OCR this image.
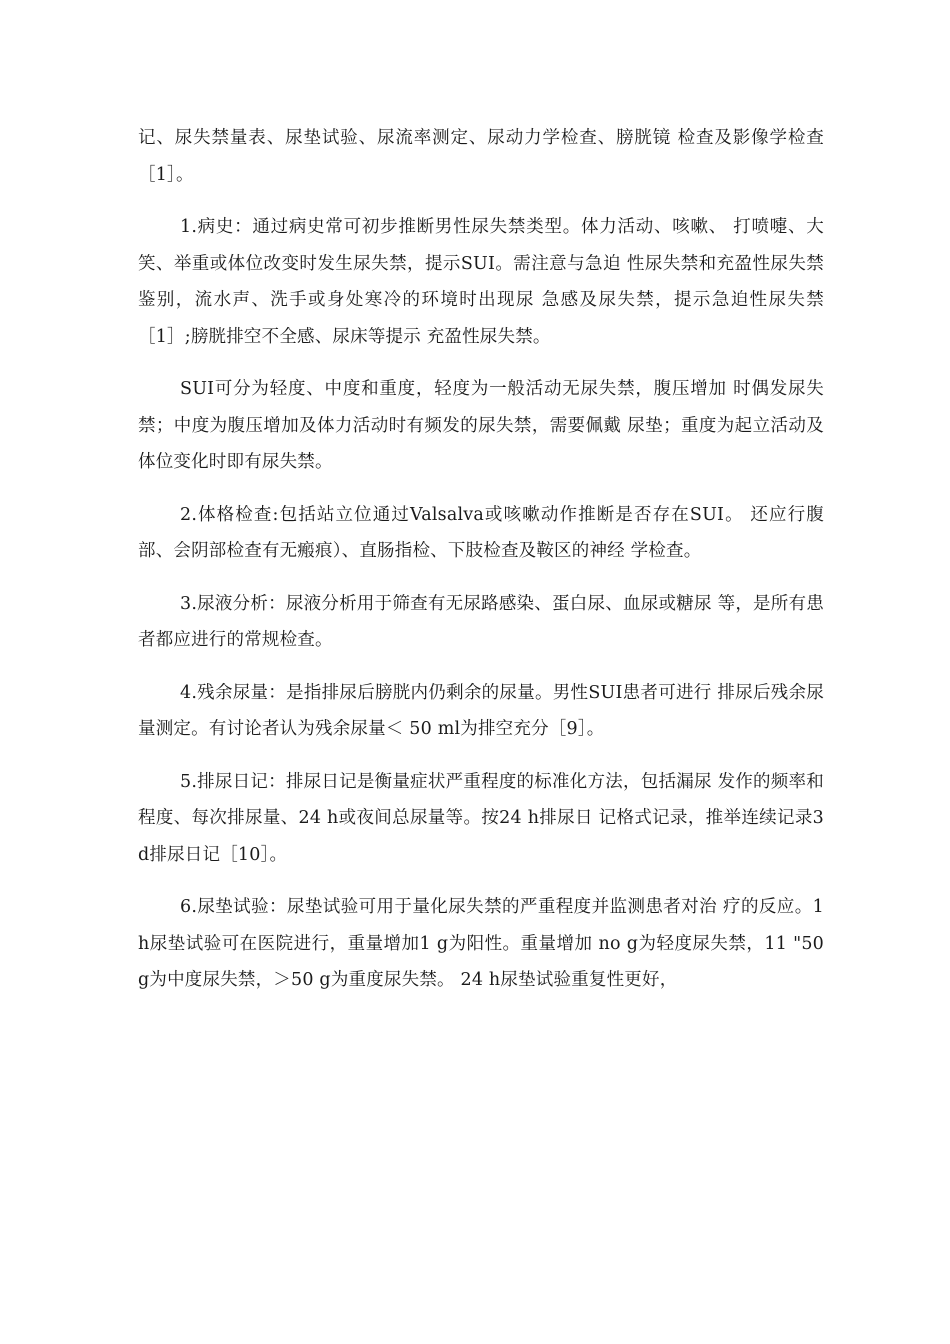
记、尿失禁量表、尿垫试验、尿流率测定、尿动力学检查、膀胱镜 检查及影像学检查［1］。

1.病史：通过病史常可初步推断男性尿失禁类型。体力活动、咳嗽、 打喷嚏、大笑、举重或体位改变时发生尿失禁，提示SUI。需注意与急迫 性尿失禁和充盈性尿失禁鉴别，流水声、洗手或身处寒冷的环境时出现尿 急感及尿失禁，提示急迫性尿失禁［1］;膀胱排空不全感、尿床等提示 充盈性尿失禁。

SUI可分为轻度、中度和重度，轻度为一般活动无尿失禁，腹压增加 时偶发尿失禁；中度为腹压增加及体力活动时有频发的尿失禁，需要佩戴 尿垫；重度为起立活动及体位变化时即有尿失禁。

2.体格检查:包括站立位通过Valsalva或咳嗽动作推断是否存在SUI。 还应行腹部、会阴部检查有无瘢痕）、直肠指检、下肢检查及鞍区的神经 学检查。

3.尿液分析：尿液分析用于筛查有无尿路感染、蛋白尿、血尿或糖尿 等，是所有患者都应进行的常规检查。

4.残余尿量：是指排尿后膀胱内仍剩余的尿量。男性SUI患者可进行 排尿后残余尿量测定。有讨论者认为残余尿量＜ 50 ml为排空充分［9］。

5.排尿日记：排尿日记是衡量症状严重程度的标准化方法，包括漏尿 发作的频率和程度、每次排尿量、24 h或夜间总尿量等。按24 h排尿日 记格式记录，推举连续记录3 d排尿日记［10］。

6.尿垫试验：尿垫试验可用于量化尿失禁的严重程度并监测患者对治 疗的反应。1 h尿垫试验可在医院进行，重量增加1 g为阳性。重量增加 no g为轻度尿失禁，11 "50 g为中度尿失禁，＞50 g为重度尿失禁。 24 h尿垫试验重复性更好，
